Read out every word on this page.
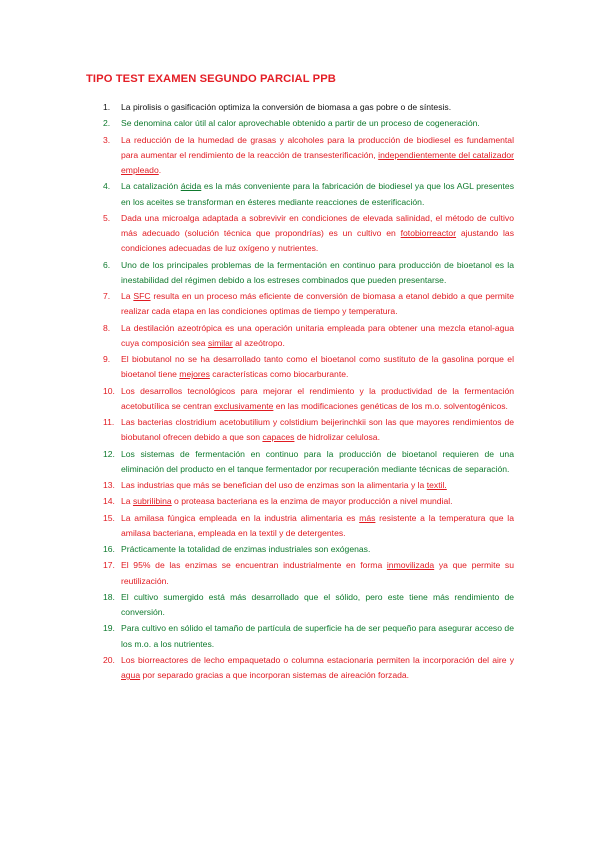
TIPO TEST EXAMEN SEGUNDO PARCIAL PPB
1.	La pirolisis o gasificación optimiza la conversión de biomasa a gas pobre o de síntesis.
2.	Se denomina calor útil al calor aprovechable obtenido a partir de un proceso de cogeneración.
3.	La reducción de la humedad de grasas y alcoholes para la producción de biodiesel es fundamental para aumentar el rendimiento de la reacción de transesterificación, independientemente del catalizador empleado.
4.	La catalización ácida es la más conveniente para la fabricación de biodiesel ya que los AGL presentes en los aceites se transforman en ésteres mediante reacciones de esterificación.
5.	Dada una microalga adaptada a sobrevivir en condiciones de elevada salinidad, el método de cultivo más adecuado (solución técnica que propondrías) es un cultivo en fotobiorreactor ajustando las condiciones adecuadas de luz oxígeno y nutrientes.
6.	Uno de los principales problemas de la fermentación en continuo para producción de bioetanol es la inestabilidad del régimen debido a los estreses combinados que pueden presentarse.
7.	La SFC resulta en un proceso más eficiente de conversión de biomasa a etanol debido a que permite realizar cada etapa en las condiciones optimas de tiempo y temperatura.
8.	La destilación azeotrópica es una operación unitaria empleada para obtener una mezcla etanol-agua cuya composición sea similar al azeótropo.
9.	El biobutanol no se ha desarrollado tanto como el bioetanol como sustituto de la gasolina porque el bioetanol tiene mejores características como biocarburante.
10. Los desarrollos tecnológicos para mejorar el rendimiento y la productividad de la fermentación acetobutílica se centran exclusivamente en las modificaciones genéticas de los m.o. solventogénicos.
11. Las bacterias clostridium acetobutilium y colstidium beijerinchkii son las que mayores rendimientos de biobutanol ofrecen debido a que son capaces de hidrolizar celulosa.
12. Los sistemas de fermentación en continuo para la producción de bioetanol requieren de una eliminación del producto en el tanque fermentador por recuperación mediante técnicas de separación.
13. Las industrias que más se benefician del uso de enzimas son la alimentaria y la textil.
14. La subrilibina o proteasa bacteriana es la enzima de mayor producción a nivel mundial.
15. La amilasa fúngica empleada en la industria alimentaria es más resistente a la temperatura que la amilasa bacteriana, empleada en la textil y de detergentes.
16. Prácticamente la totalidad de enzimas industriales son exógenas.
17. El 95% de las enzimas se encuentran industrialmente en forma inmovilizada ya que permite su reutilización.
18. El cultivo sumergido está más desarrollado que el sólido, pero este tiene más rendimiento de conversión.
19. Para cultivo en sólido el tamaño de partícula de superficie ha de ser pequeño para asegurar acceso de los m.o. a los nutrientes.
20. Los biorreactores de lecho empaquetado o columna estacionaria permiten la incorporación del aire y agua por separado gracias a que incorporan sistemas de aireación forzada.
